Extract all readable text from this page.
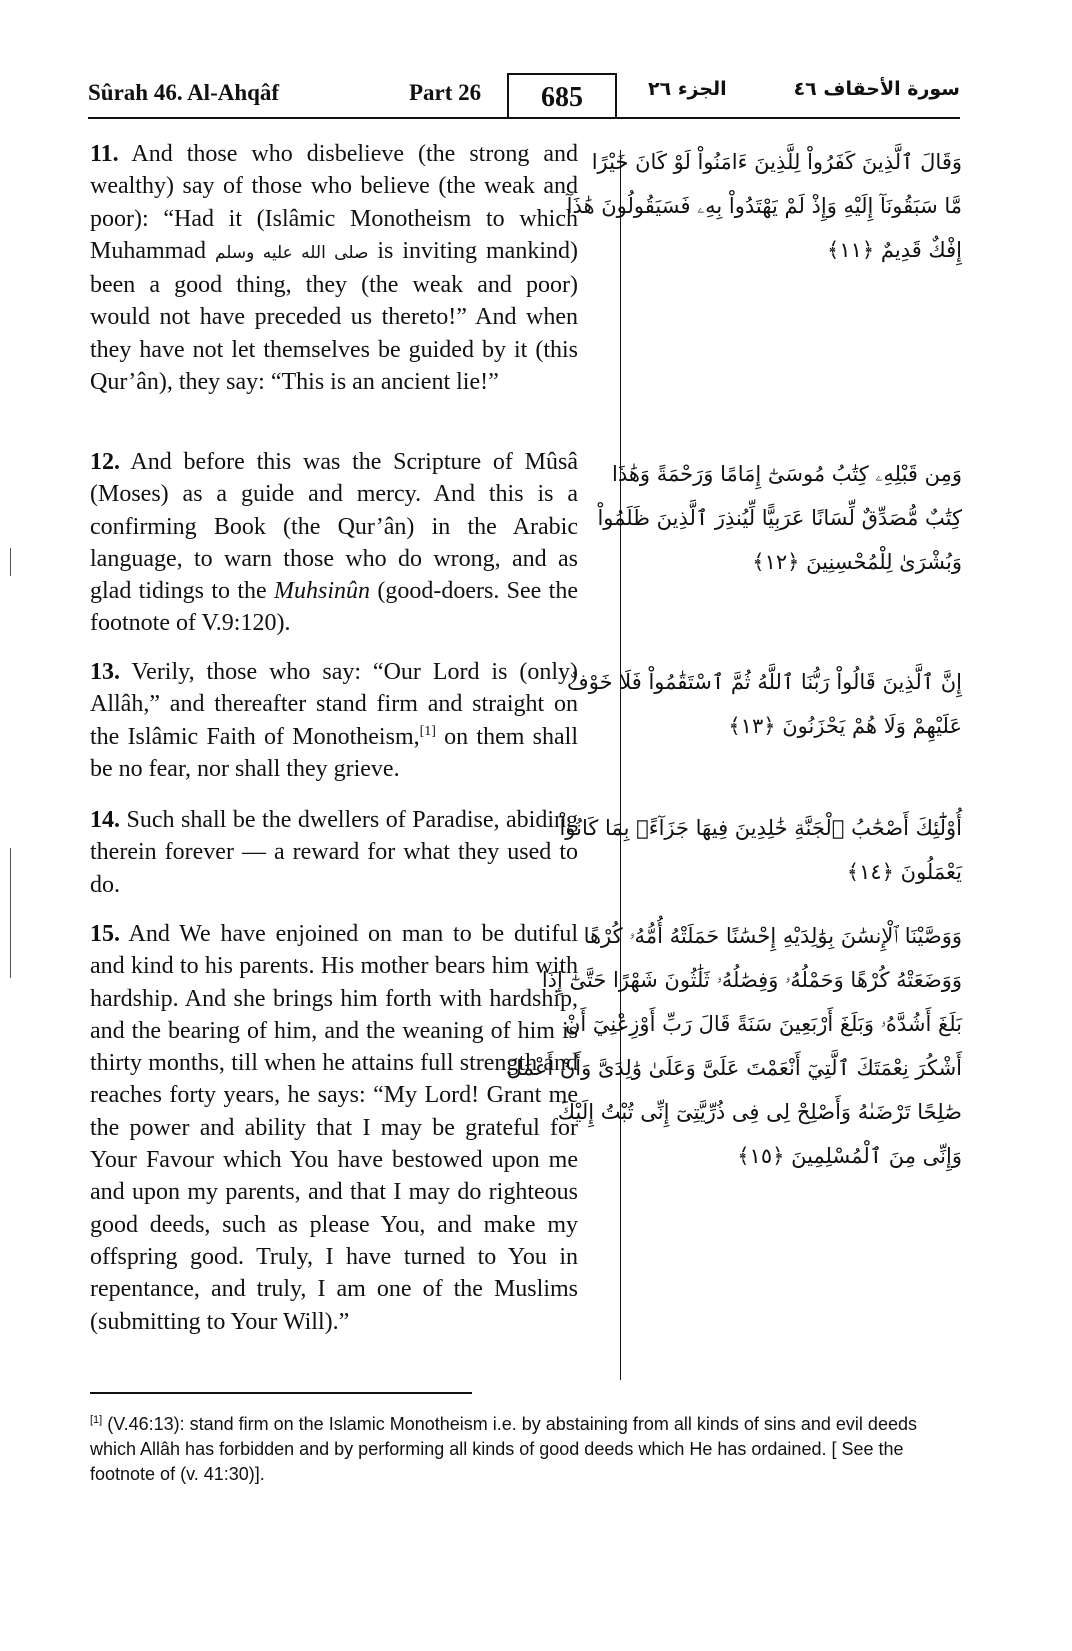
Sûrah 46. Al-Ahqâf	Part 26	685	الجزء ٢٦	سورة الأحقاف ٤٦
11. And those who disbelieve (the strong and wealthy) say of those who believe (the weak and poor): “Had it (Islâmic Monotheism to which Muhammad صلى الله عليه وسلم is inviting mankind) been a good thing, they (the weak and poor) would not have preceded us thereto!” And when they have not let themselves be guided by it (this Qur’ân), they say: “This is an ancient lie!”
وَقَالَ ٱلَّذِينَ كَفَرُواْ لِلَّذِينَ ءَامَنُواْ لَوْ كَانَ خَيْرًا
مَّا سَبَقُونَآ إِلَيْهِ وَإِذْ لَمْ يَهْتَدُواْ بِهِۦ فَسَيَقُولُونَ هَٰذَآ
إِفْكٌ قَدِيمٌ ﴿١١﴾
12. And before this was the Scripture of Mûsâ (Moses) as a guide and mercy. And this is a confirming Book (the Qur’ân) in the Arabic language, to warn those who do wrong, and as glad tidings to the Muhsinûn (good-doers. See the footnote of V.9:120).
وَمِن قَبْلِهِۦ كِتَٰبُ مُوسَىٰٓ إِمَامًا وَرَحْمَةً وَهَٰذَا
كِتَٰبٌ مُّصَدِّقٌ لِّسَانًا عَرَبِيًّا لِّيُنذِرَ ٱلَّذِينَ ظَلَمُواْ
وَبُشْرَىٰ لِلْمُحْسِنِينَ ﴿١٢﴾
13. Verily, those who say: “Our Lord is (only) Allâh,” and thereafter stand firm and straight on the Islâmic Faith of Monotheism,[1] on them shall be no fear, nor shall they grieve.
إِنَّ ٱلَّذِينَ قَالُواْ رَبُّنَا ٱللَّهُ ثُمَّ ٱسْتَقَٰمُواْ فَلَا خَوْفٌ
عَلَيْهِمْ وَلَا هُمْ يَحْزَنُونَ ﴿١٣﴾
14. Such shall be the dwellers of Paradise, abiding therein forever — a reward for what they used to do.
أُوْلَٰٓئِكَ أَصْحَٰبُ ٱلْجَنَّةِ خَٰلِدِينَ فِيهَا جَزَآءًۢ بِمَا كَانُواْ
يَعْمَلُونَ ﴿١٤﴾
15. And We have enjoined on man to be dutiful and kind to his parents. His mother bears him with hardship. And she brings him forth with hardship, and the bearing of him, and the weaning of him is thirty months, till when he attains full strength and reaches forty years, he says: “My Lord! Grant me the power and ability that I may be grateful for Your Favour which You have bestowed upon me and upon my parents, and that I may do righteous good deeds, such as please You, and make my offspring good. Truly, I have turned to You in repentance, and truly, I am one of the Muslims (submitting to Your Will).”
وَوَصَّيْنَا ٱلْإِنسَٰنَ بِوَٰلِدَيْهِ إِحْسَٰنًا حَمَلَتْهُ أُمُّهُۥ كُرْهًا
وَوَضَعَتْهُ كُرْهًا وَحَمْلُهُۥ وَفِصَٰلُهُۥ ثَلَٰثُونَ شَهْرًا حَتَّىٰٓ إِذَا
بَلَغَ أَشُدَّهُۥ وَبَلَغَ أَرْبَعِينَ سَنَةً قَالَ رَبِّ أَوْزِعْنِيٓ أَنْ
أَشْكُرَ نِعْمَتَكَ ٱلَّتِيٓ أَنْعَمْتَ عَلَىَّ وَعَلَىٰ وَٰلِدَىَّ وَأَنْ أَعْمَلَ
صَٰلِحًا تَرْضَىٰهُ وَأَصْلِحْ لِى فِى ذُرِّيَّتِىٓ إِنِّى تُبْتُ إِلَيْكَ
وَإِنِّى مِنَ ٱلْمُسْلِمِينَ ﴿١٥﴾
[1] (V.46:13): stand firm on the Islamic Monotheism i.e. by abstaining from all kinds of sins and evil deeds which Allâh has forbidden and by performing all kinds of good deeds which He has ordained. [ See the footnote of (v. 41:30)].
